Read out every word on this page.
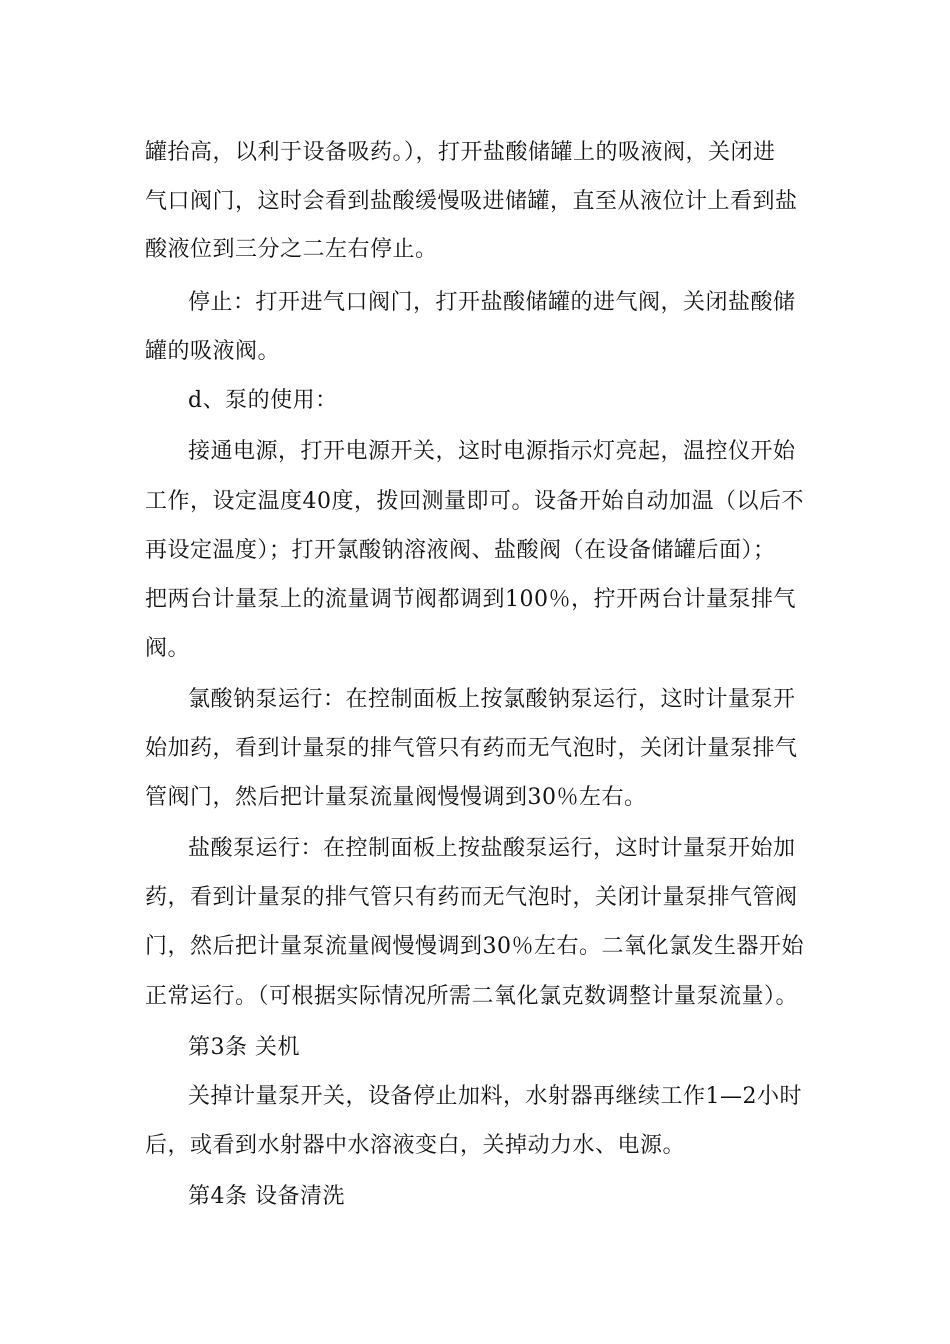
罐抬高，以利于设备吸药。），打开盐酸储罐上的吸液阀，关闭进
气口阀门，这时会看到盐酸缓慢吸进储罐，直至从液位计上看到盐
酸液位到三分之二左右停止。
停止：打开进气口阀门，打开盐酸储罐的进气阀，关闭盐酸储
罐的吸液阀。
d、泵的使用：
接通电源，打开电源开关，这时电源指示灯亮起，温控仪开始
工作，设定温度40度，拨回测量即可。设备开始自动加温（以后不
再设定温度）；打开氯酸钠溶液阀、盐酸阀（在设备储罐后面）；
把两台计量泵上的流量调节阀都调到100％，拧开两台计量泵排气
阀。
氯酸钠泵运行：在控制面板上按氯酸钠泵运行，这时计量泵开
始加药，看到计量泵的排气管只有药而无气泡时，关闭计量泵排气
管阀门，然后把计量泵流量阀慢慢调到30％左右。
盐酸泵运行：在控制面板上按盐酸泵运行，这时计量泵开始加
药，看到计量泵的排气管只有药而无气泡时，关闭计量泵排气管阀
门，然后把计量泵流量阀慢慢调到30％左右。二氧化氯发生器开始
正常运行。（可根据实际情况所需二氧化氯克数调整计量泵流量）。
第3条 关机
关掉计量泵开关，设备停止加料，水射器再继续工作1—2小时
后，或看到水射器中水溶液变白，关掉动力水、电源。
第4条 设备清洗
